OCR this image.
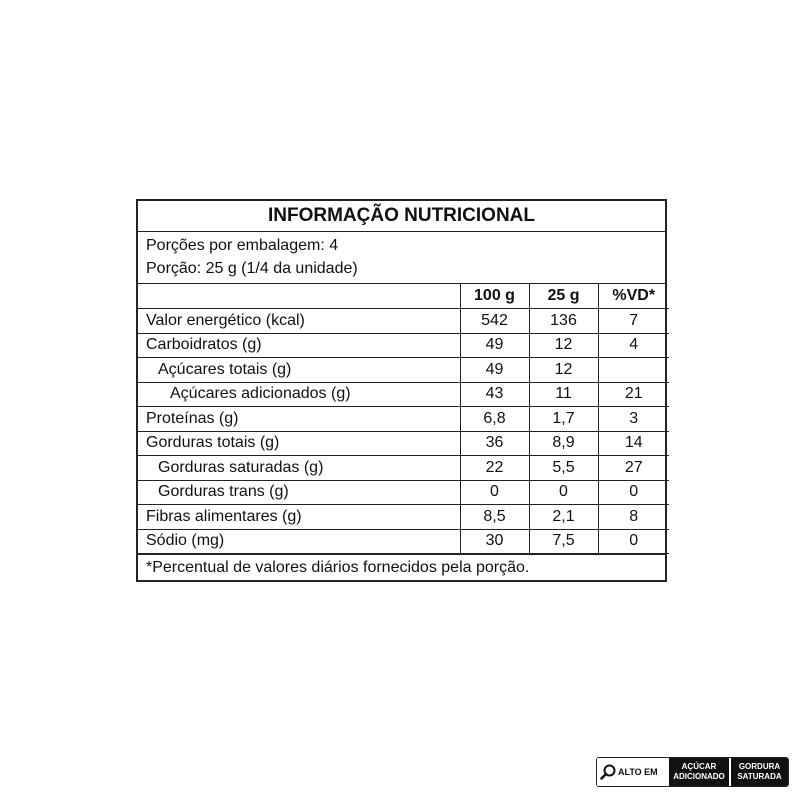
INFORMAÇÃO NUTRICIONAL
Porções por embalagem: 4
Porção: 25 g (1/4 da unidade)
	100 g	25 g	%VD*
Valor energético (kcal)	542	136	7
Carboidratos (g)	49	12	4
Açúcares totais (g)	49	12	
Açúcares adicionados (g)	43	11	21
Proteínas (g)	6,8	1,7	3
Gorduras totais (g)	36	8,9	14
Gorduras saturadas (g)	22	5,5	27
Gorduras trans (g)	0	0	0
Fibras alimentares (g)	8,5	2,1	8
Sódio (mg)	30	7,5	0
*Percentual de valores diários fornecidos pela porção.
ALTO EM
AÇÚCAR
ADICIONADO
GORDURA
SATURADA
